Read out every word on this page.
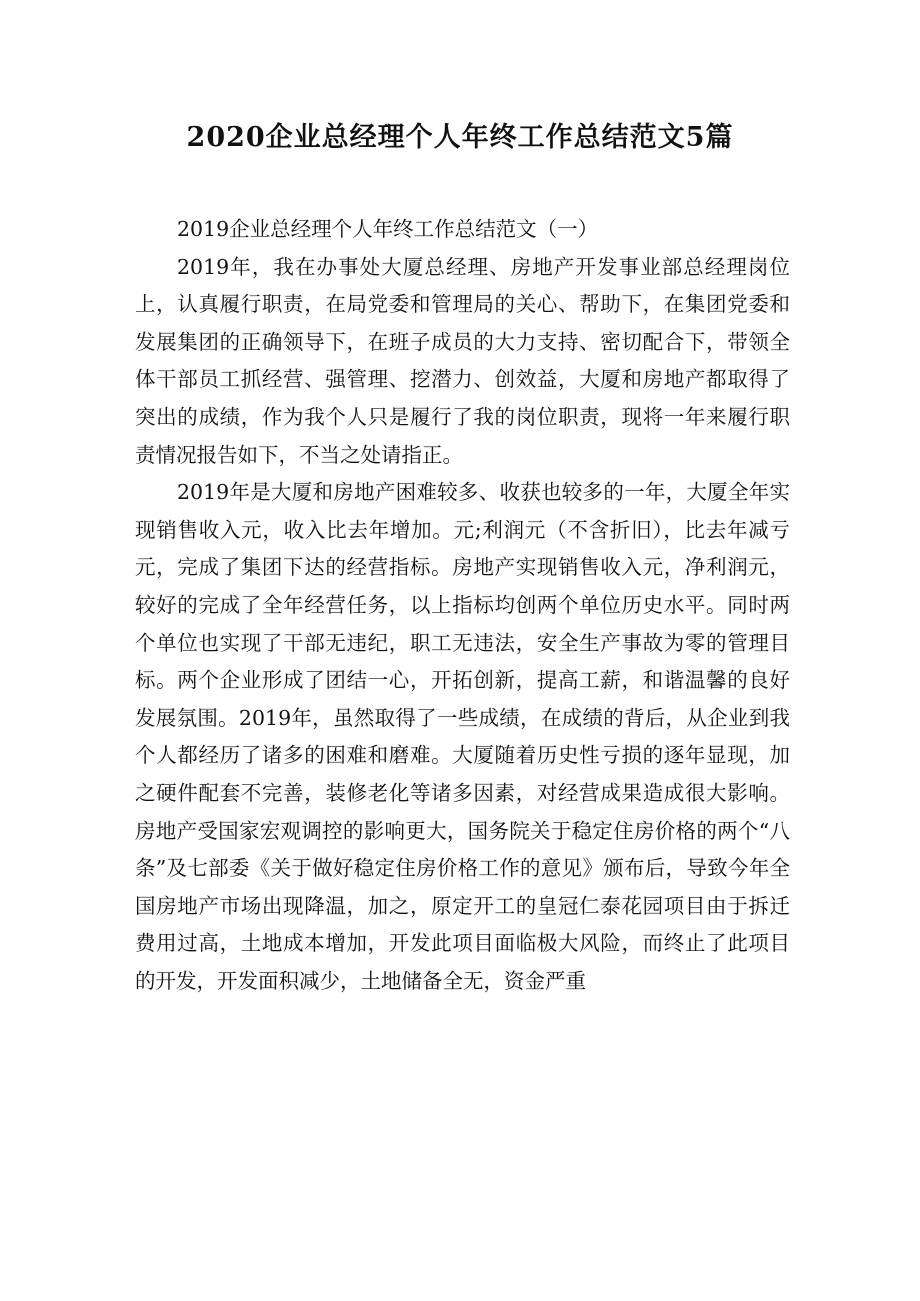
2020企业总经理个人年终工作总结范文5篇

2019企业总经理个人年终工作总结范文（一）

2019年，我在办事处大厦总经理、房地产开发事业部总经理岗位上，认真履行职责，在局党委和管理局的关心、帮助下，在集团党委和发展集团的正确领导下，在班子成员的大力支持、密切配合下，带领全体干部员工抓经营、强管理、挖潜力、创效益，大厦和房地产都取得了突出的成绩，作为我个人只是履行了我的岗位职责，现将一年来履行职责情况报告如下，不当之处请指正。

2019年是大厦和房地产困难较多、收获也较多的一年，大厦全年实现销售收入元，收入比去年增加。元;利润元（不含折旧），比去年减亏元，完成了集团下达的经营指标。房地产实现销售收入元，净利润元，较好的完成了全年经营任务，以上指标均创两个单位历史水平。同时两个单位也实现了干部无违纪，职工无违法，安全生产事故为零的管理目标。两个企业形成了团结一心，开拓创新，提高工薪，和谐温馨的良好发展氛围。2019年，虽然取得了一些成绩，在成绩的背后，从企业到我个人都经历了诸多的困难和磨难。大厦随着历史性亏损的逐年显现，加之硬件配套不完善，装修老化等诸多因素，对经营成果造成很大影响。房地产受国家宏观调控的影响更大，国务院关于稳定住房价格的两个“八条”及七部委《关于做好稳定住房价格工作的意见》颁布后，导致今年全国房地产市场出现降温，加之，原定开工的皇冠仁泰花园项目由于拆迁费用过高，土地成本增加，开发此项目面临极大风险，而终止了此项目的开发，开发面积减少，土地储备全无，资金严重
